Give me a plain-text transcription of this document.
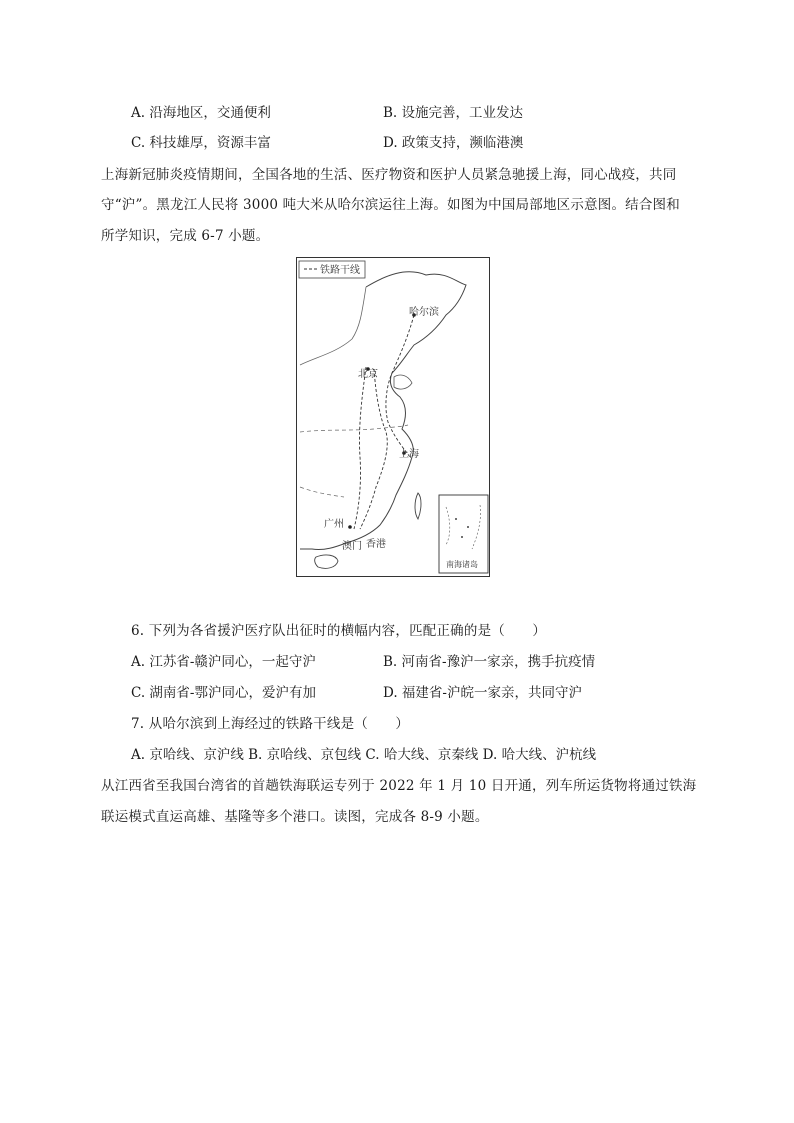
A. 沿海地区，交通便利	B. 设施完善，工业发达
C. 科技雄厚，资源丰富	D. 政策支持，濒临港澳
上海新冠肺炎疫情期间，全国各地的生活、医疗物资和医护人员紧急驰援上海，同心战疫，共同
守“沪”。黑龙江人民将 3000 吨大米从哈尔滨运往上海。如图为中国局部地区示意图。结合图和
所学知识，完成 6-7 小题。
铁路干线
哈尔滨
北京
上海
广州
澳门 香港
南海诸岛
6. 下列为各省援沪医疗队出征时的横幅内容，匹配正确的是（　　）
A. 江苏省-赣沪同心，一起守沪	B. 河南省-豫沪一家亲，携手抗疫情
C. 湖南省-鄂沪同心，爱沪有加	D. 福建省-沪皖一家亲，共同守沪
7. 从哈尔滨到上海经过的铁路干线是（　　）
A. 京哈线、京沪线 B. 京哈线、京包线 C. 哈大线、京秦线 D. 哈大线、沪杭线
从江西省至我国台湾省的首趟铁海联运专列于 2022 年 1 月 10 日开通，列车所运货物将通过铁海
联运模式直运高雄、基隆等多个港口。读图，完成各 8-9 小题。
